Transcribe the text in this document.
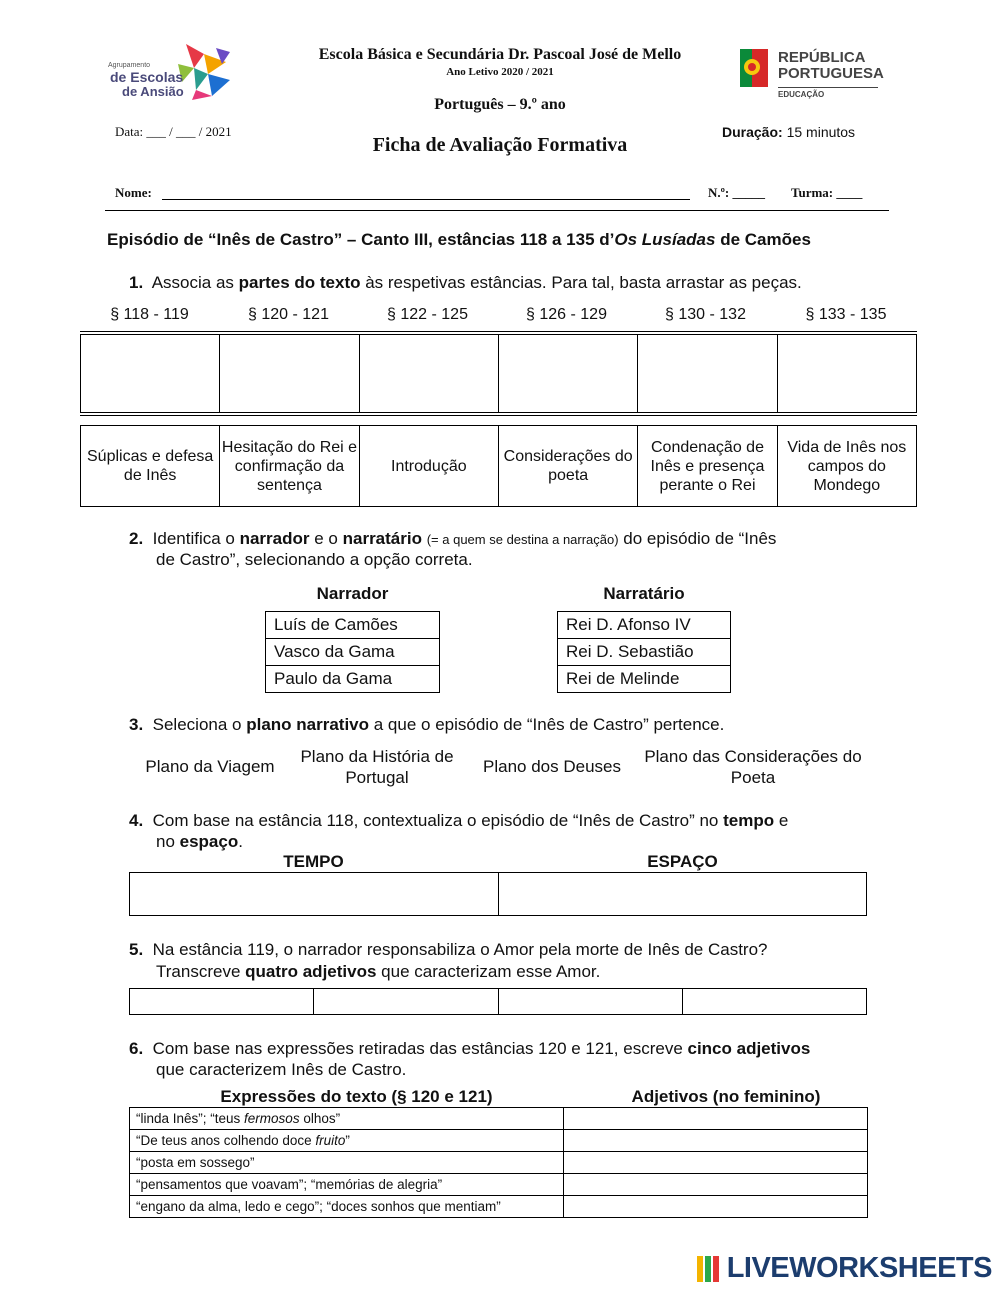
Agrupamento
de Escolas
de Ansião
Escola Básica e Secundária Dr. Pascoal José de Mello
Ano Letivo 2020 / 2021
Português – 9.º ano
Data: ___ / ___ / 2021
Ficha de Avaliação Formativa
Duração: 15 minutos
REPÚBLICA
PORTUGUESA
EDUCAÇÃO
Nome:	N.º: _____ Turma: ____
Episódio de “Inês de Castro” – Canto III, estâncias 118 a 135 d’Os Lusíadas de Camões
1. Associa as partes do texto às respetivas estâncias. Para tal, basta arrastar as peças.
§ 118 - 119	§ 120 - 121	§ 122 - 125	§ 126 - 129	§ 130 - 132	§ 133 - 135

Súplicas e defesa de Inês	Hesitação do Rei e confirmação da sentença	Introdução	Considerações do poeta	Condenação de Inês e presença perante o Rei	Vida de Inês nos campos do Mondego
2. Identifica o narrador e o narratário (= a quem se destina a narração) do episódio de “Inês
de Castro”, selecionando a opção correta.
Narrador
Luís de Camões
Vasco da Gama
Paulo da Gama
Narratário
Rei D. Afonso IV
Rei D. Sebastião
Rei de Melinde
3. Seleciona o plano narrativo a que o episódio de “Inês de Castro” pertence.
Plano da Viagem
Plano da História de Portugal
Plano dos Deuses
Plano das Considerações do Poeta
4. Com base na estância 118, contextualiza o episódio de “Inês de Castro” no tempo e
no espaço.
TEMPO	ESPAÇO

5. Na estância 119, o narrador responsabiliza o Amor pela morte de Inês de Castro?
Transcreve quatro adjetivos que caracterizam esse Amor.

6. Com base nas expressões retiradas das estâncias 120 e 121, escreve cinco adjetivos
que caracterizem Inês de Castro.
Expressões do texto (§ 120 e 121)	Adjetivos (no feminino)
“linda Inês”; “teus fermosos olhos”	
“De teus anos colhendo doce fruito”	
“posta em sossego”	
“pensamentos que voavam”; “memórias de alegria”	
“engano da alma, ledo e cego”; “doces sonhos que mentiam”	
LIVEWORKSHEETS
